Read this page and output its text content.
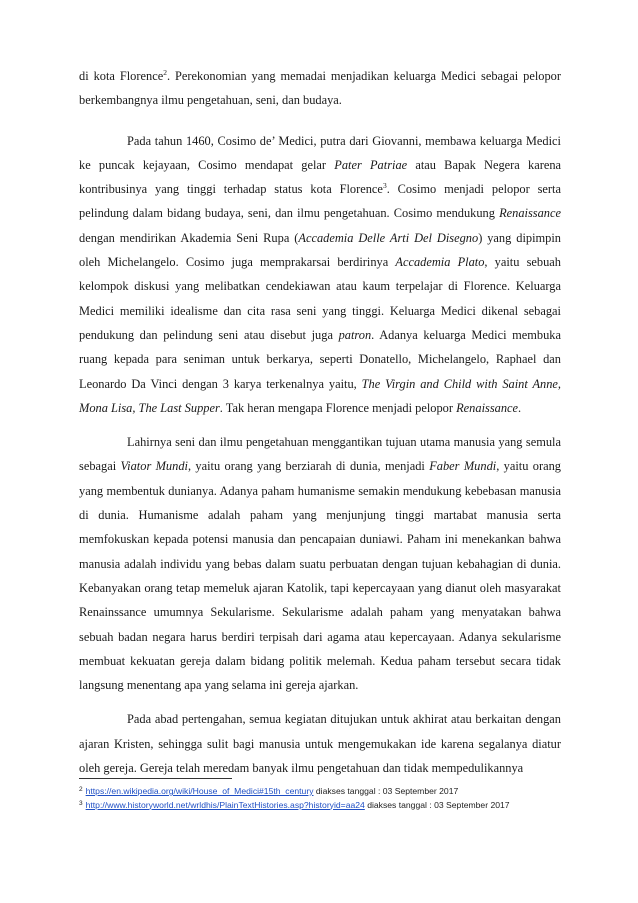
di kota Florence$^2$. Perekonomian yang memadai menjadikan keluarga Medici sebagai pelopor berkembangnya ilmu pengetahuan, seni, dan budaya.

Pada tahun 1460, Cosimo de’ Medici, putra dari Giovanni, membawa keluarga Medici ke puncak kejayaan, Cosimo mendapat gelar Pater Patriae atau Bapak Negera karena kontribusinya yang tinggi terhadap status kota Florence$^3$. Cosimo menjadi pelopor serta pelindung dalam bidang budaya, seni, dan ilmu pengetahuan. Cosimo mendukung Renaissance dengan mendirikan Akademia Seni Rupa (Accademia Delle Arti Del Disegno) yang dipimpin oleh Michelangelo. Cosimo juga memprakarsai berdirinya Accademia Plato, yaitu sebuah kelompok diskusi yang melibatkan cendekiawan atau kaum terpelajar di Florence. Keluarga Medici memiliki idealisme dan cita rasa seni yang tinggi. Keluarga Medici dikenal sebagai pendukung dan pelindung seni atau disebut juga patron. Adanya keluarga Medici membuka ruang kepada para seniman untuk berkarya, seperti Donatello, Michelangelo, Raphael dan Leonardo Da Vinci dengan 3 karya terkenalnya yaitu, The Virgin and Child with Saint Anne, Mona Lisa, The Last Supper. Tak heran mengapa Florence menjadi pelopor Renaissance.

Lahirnya seni dan ilmu pengetahuan menggantikan tujuan utama manusia yang semula sebagai Viator Mundi, yaitu orang yang berziarah di dunia, menjadi Faber Mundi, yaitu orang yang membentuk dunianya. Adanya paham humanisme semakin mendukung kebebasan manusia di dunia. Humanisme adalah paham yang menjunjung tinggi martabat manusia serta memfokuskan kepada potensi manusia dan pencapaian duniawi. Paham ini menekankan bahwa manusia adalah individu yang bebas dalam suatu perbuatan dengan tujuan kebahagian di dunia. Kebanyakan orang tetap memeluk ajaran Katolik, tapi kepercayaan yang dianut oleh masyarakat Renainssance umumnya Sekularisme. Sekularisme adalah paham yang menyatakan bahwa sebuah badan negara harus berdiri terpisah dari agama atau kepercayaan. Adanya sekularisme membuat kekuatan gereja dalam bidang politik melemah. Kedua paham tersebut secara tidak langsung menentang apa yang selama ini gereja ajarkan.

Pada abad pertengahan, semua kegiatan ditujukan untuk akhirat atau berkaitan dengan ajaran Kristen, sehingga sulit bagi manusia untuk mengemukakan ide karena segalanya diatur oleh gereja. Gereja telah meredam banyak ilmu pengetahuan dan tidak mempedulikannya

$^2$ https://en.wikipedia.org/wiki/House_of_Medici#15th_century diakses tanggal : 03 September 2017
$^3$ http://www.historyworld.net/wrldhis/PlainTextHistories.asp?historyid=aa24 diakses tanggal : 03 September 2017
